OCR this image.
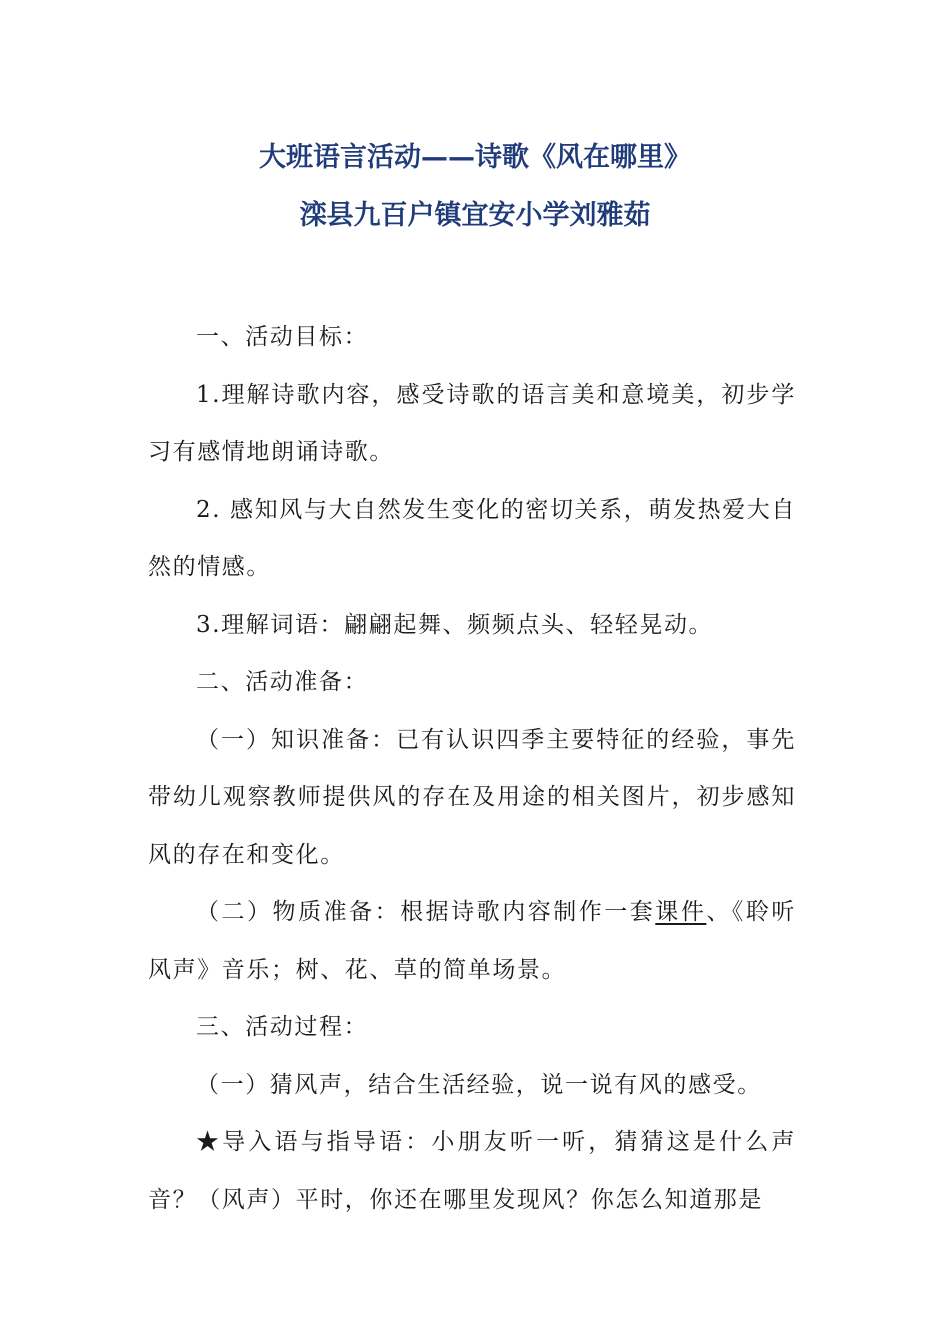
大班语言活动——诗歌《风在哪里》
滦县九百户镇宜安小学刘雅茹

一、活动目标：

1.理解诗歌内容，感受诗歌的语言美和意境美，初步学习有感情地朗诵诗歌。

2. 感知风与大自然发生变化的密切关系，萌发热爱大自然的情感。

3.理解词语：翩翩起舞、频频点头、轻轻晃动。

二、活动准备：

（一）知识准备：已有认识四季主要特征的经验，事先带幼儿观察教师提供风的存在及用途的相关图片，初步感知风的存在和变化。

（二）物质准备：根据诗歌内容制作一套课件、《聆听风声》音乐；树、花、草的简单场景。

三、活动过程：

（一）猜风声，结合生活经验，说一说有风的感受。

★导入语与指导语：小朋友听一听，猜猜这是什么声音？（风声）平时，你还在哪里发现风？你怎么知道那是
